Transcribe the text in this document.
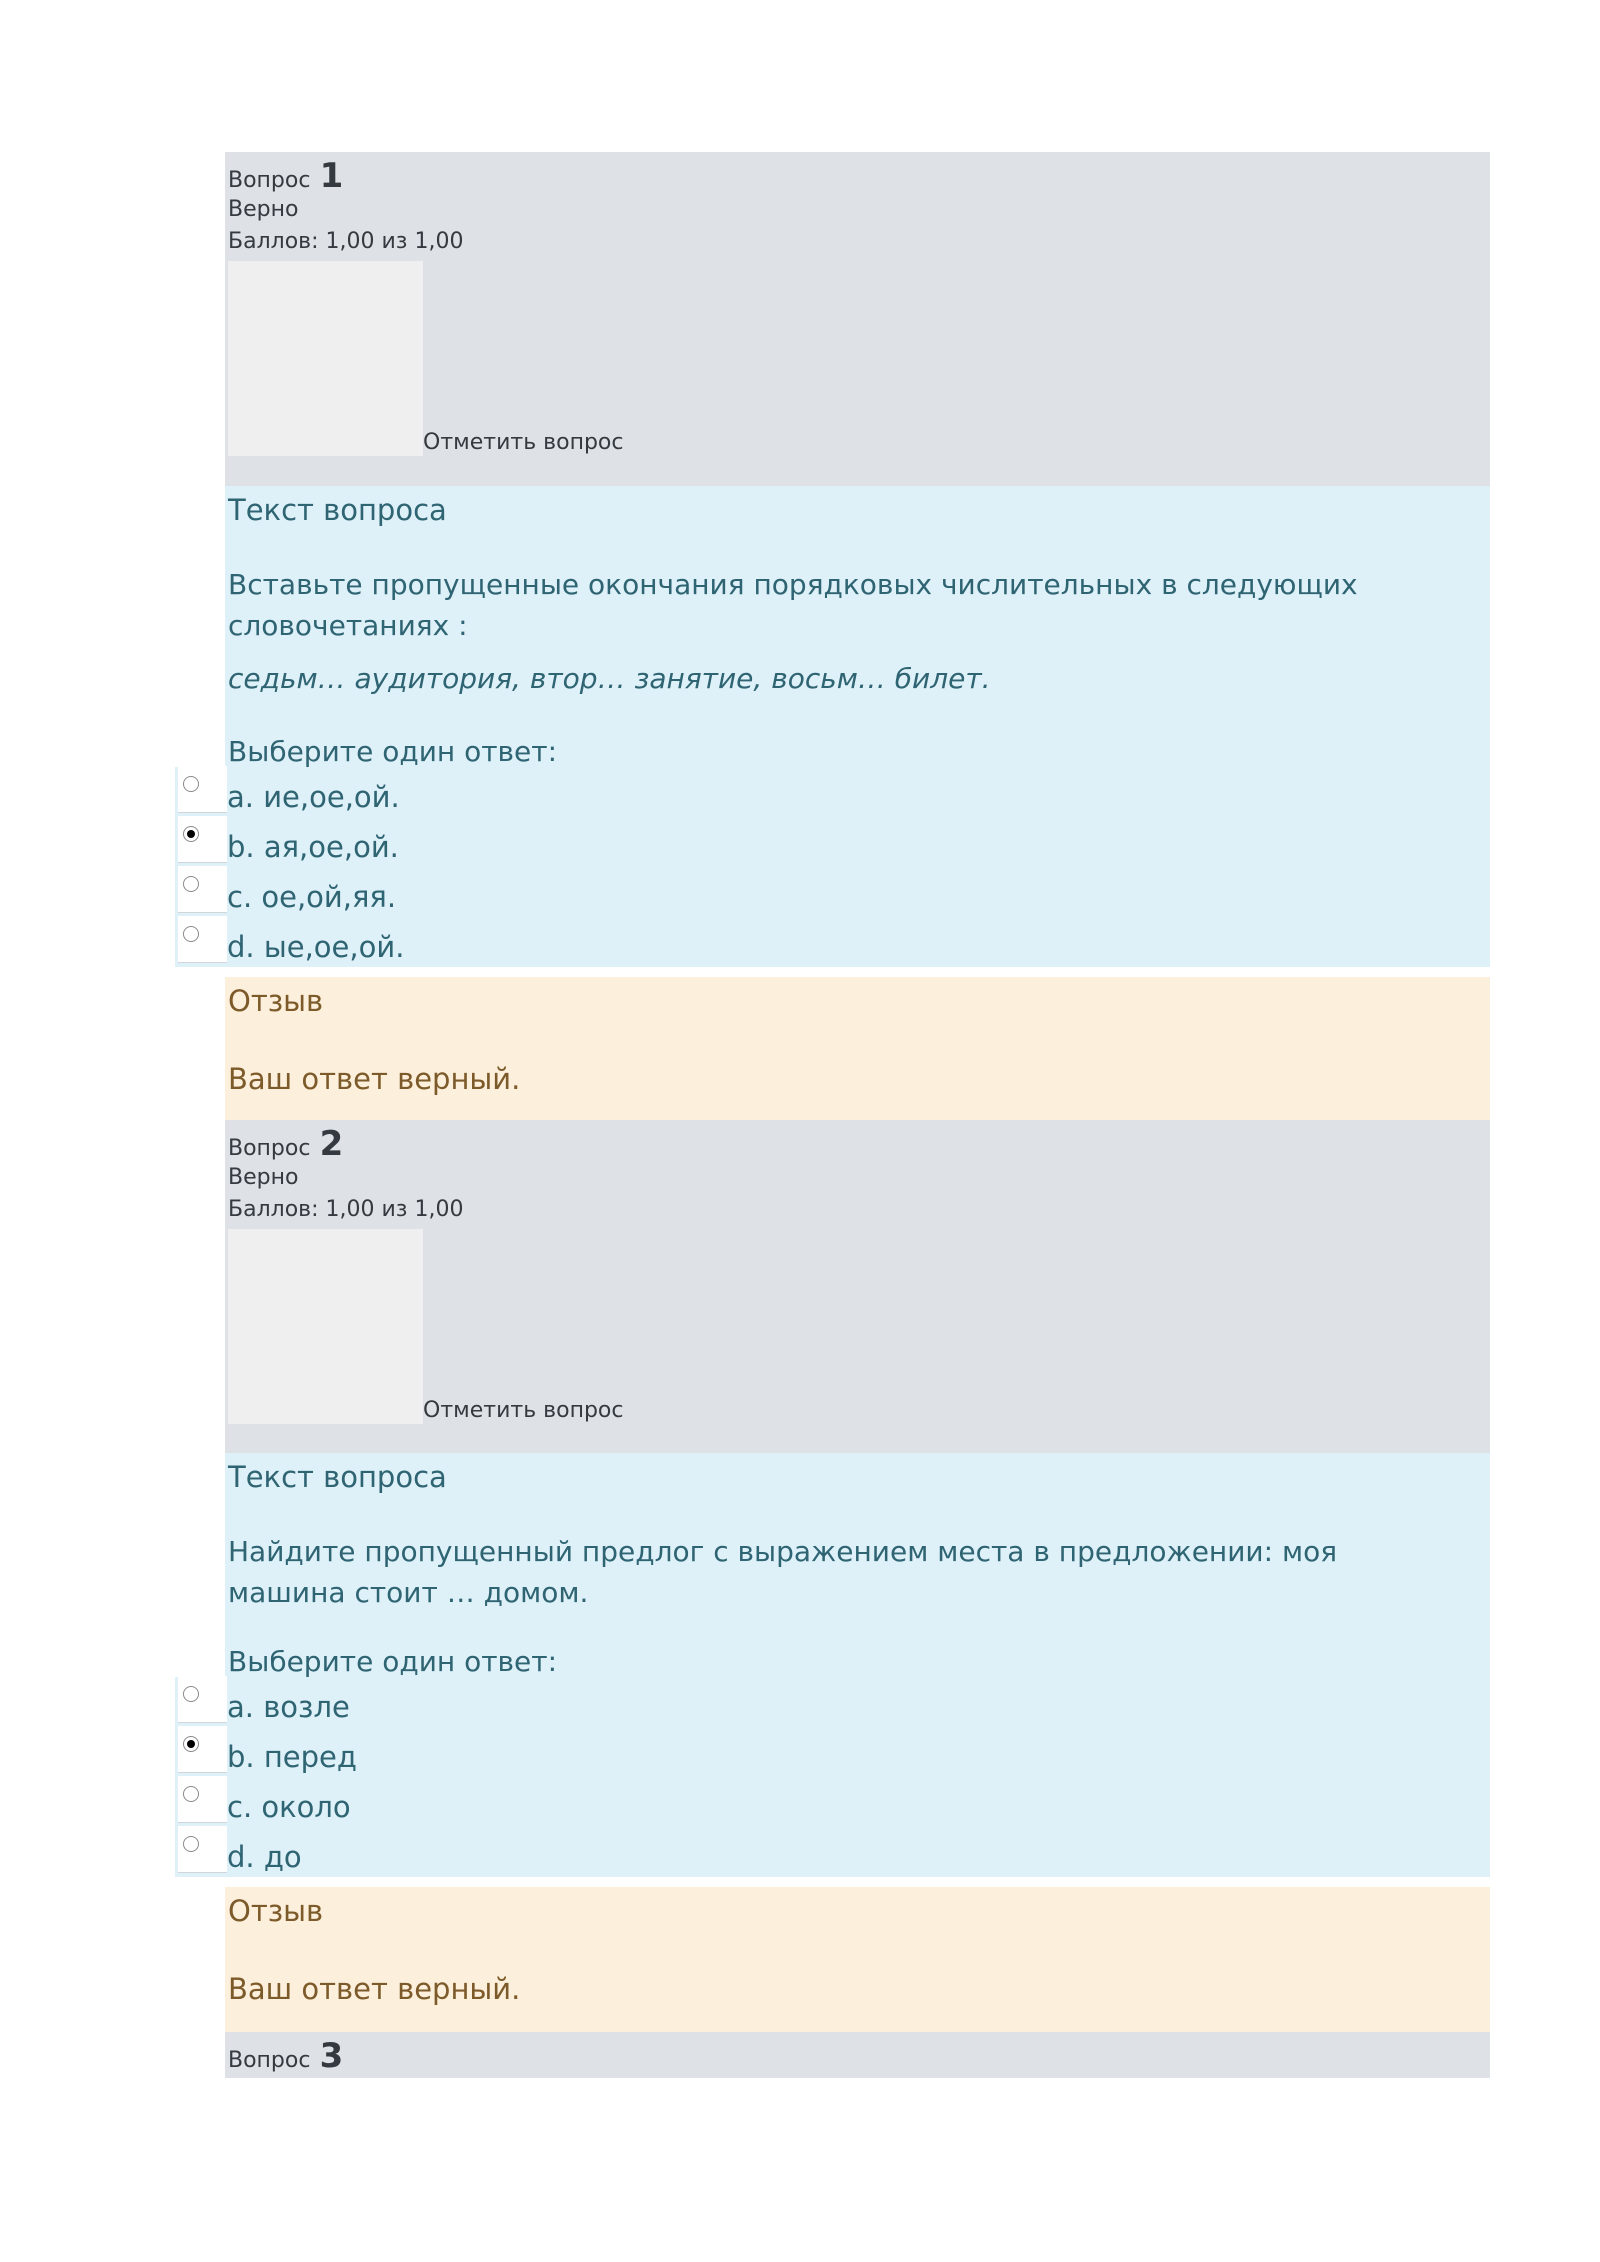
Вопрос 1
Верно
Баллов: 1,00 из 1,00
Отметить вопрос
Текст вопроса
Вставьте пропущенные окончания порядковых числительных в следующих словочетаниях :
седьм… аудитория, втор… занятие, восьм… билет.
Выберите один ответ:
a. ие,ое,ой.
b. ая,ое,ой.
c. ое,ой,яя.
d. ые,ое,ой.
Отзыв
Ваш ответ верный.
Вопрос 2
Верно
Баллов: 1,00 из 1,00
Отметить вопрос
Текст вопроса
Найдите пропущенный предлог с выражением места в предложении: моя машина стоит … домом.
Выберите один ответ:
a. возле
b. перед
c. около
d. до
Отзыв
Ваш ответ верный.
Вопрос 3
